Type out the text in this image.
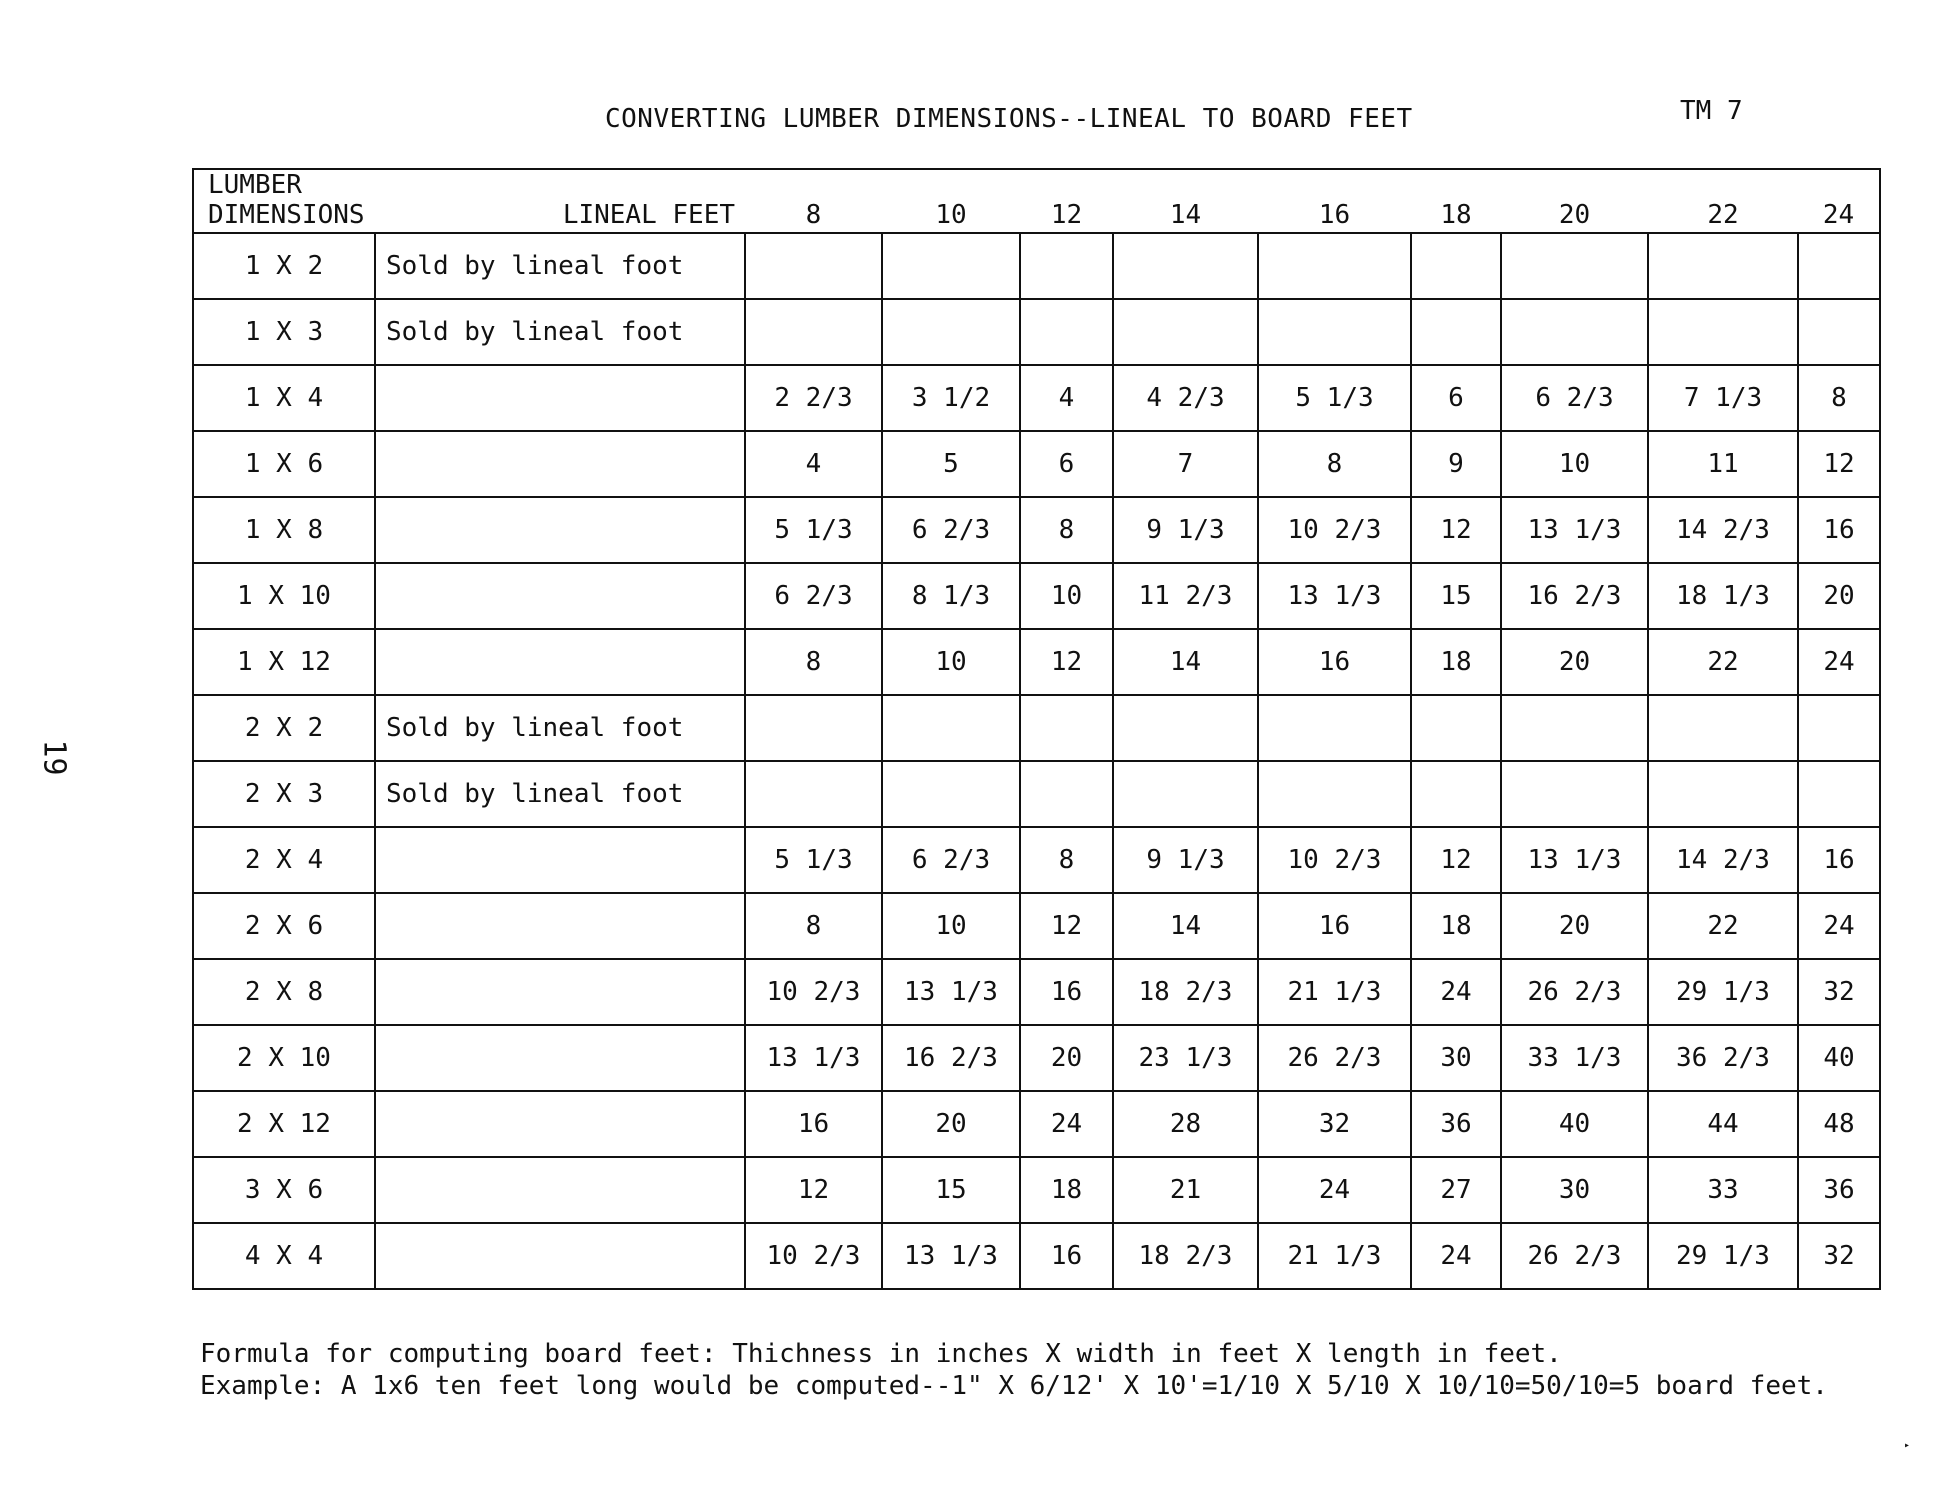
CONVERTING LUMBER DIMENSIONS--LINEAL TO BOARD FEET	TM 7
19
LUMBER
DIMENSIONS	LINEAL FEET	8	10	12	14	16	18	20	22	24
1 X 2	Sold by lineal foot									
1 X 3	Sold by lineal foot									
1 X 4		2 2/3	3 1/2	4	4 2/3	5 1/3	6	6 2/3	7 1/3	8
1 X 6		4	5	6	7	8	9	10	11	12
1 X 8		5 1/3	6 2/3	8	9 1/3	10 2/3	12	13 1/3	14 2/3	16
1 X 10		6 2/3	8 1/3	10	11 2/3	13 1/3	15	16 2/3	18 1/3	20
1 X 12		8	10	12	14	16	18	20	22	24
2 X 2	Sold by lineal foot									
2 X 3	Sold by lineal foot									
2 X 4		5 1/3	6 2/3	8	9 1/3	10 2/3	12	13 1/3	14 2/3	16
2 X 6		8	10	12	14	16	18	20	22	24
2 X 8		10 2/3	13 1/3	16	18 2/3	21 1/3	24	26 2/3	29 1/3	32
2 X 10		13 1/3	16 2/3	20	23 1/3	26 2/3	30	33 1/3	36 2/3	40
2 X 12		16	20	24	28	32	36	40	44	48
3 X 6		12	15	18	21	24	27	30	33	36
4 X 4		10 2/3	13 1/3	16	18 2/3	21 1/3	24	26 2/3	29 1/3	32
Formula for computing board feet: Thichness in inches X width in feet X length in feet.
Example: A 1x6 ten feet long would be computed--1" X 6/12' X 10'=1/10 X 5/10 X 10/10=50/10=5 board feet.
▸
